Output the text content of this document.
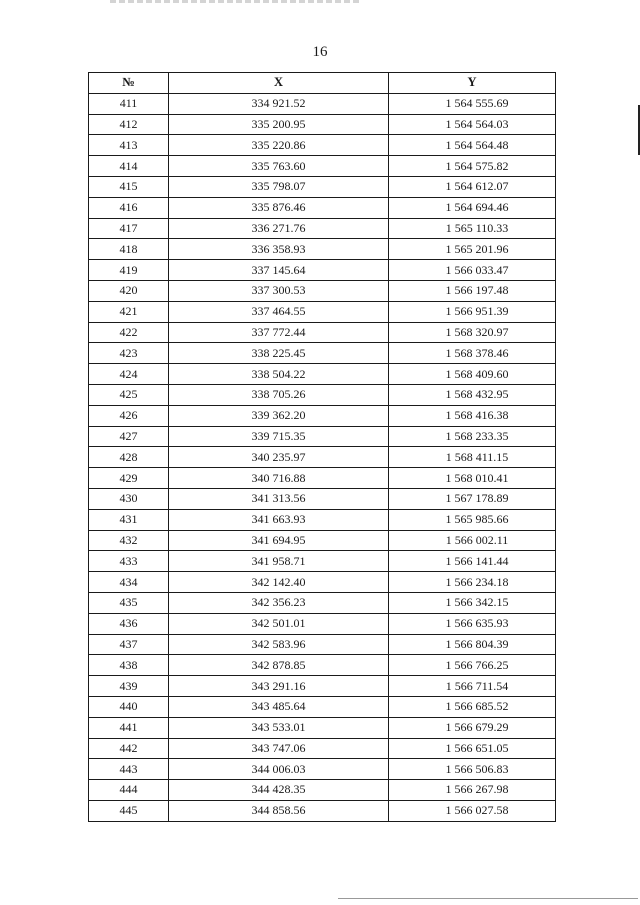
16
№	X	Y
411	334 921.52	1 564 555.69
412	335 200.95	1 564 564.03
413	335 220.86	1 564 564.48
414	335 763.60	1 564 575.82
415	335 798.07	1 564 612.07
416	335 876.46	1 564 694.46
417	336 271.76	1 565 110.33
418	336 358.93	1 565 201.96
419	337 145.64	1 566 033.47
420	337 300.53	1 566 197.48
421	337 464.55	1 566 951.39
422	337 772.44	1 568 320.97
423	338 225.45	1 568 378.46
424	338 504.22	1 568 409.60
425	338 705.26	1 568 432.95
426	339 362.20	1 568 416.38
427	339 715.35	1 568 233.35
428	340 235.97	1 568 411.15
429	340 716.88	1 568 010.41
430	341 313.56	1 567 178.89
431	341 663.93	1 565 985.66
432	341 694.95	1 566 002.11
433	341 958.71	1 566 141.44
434	342 142.40	1 566 234.18
435	342 356.23	1 566 342.15
436	342 501.01	1 566 635.93
437	342 583.96	1 566 804.39
438	342 878.85	1 566 766.25
439	343 291.16	1 566 711.54
440	343 485.64	1 566 685.52
441	343 533.01	1 566 679.29
442	343 747.06	1 566 651.05
443	344 006.03	1 566 506.83
444	344 428.35	1 566 267.98
445	344 858.56	1 566 027.58
